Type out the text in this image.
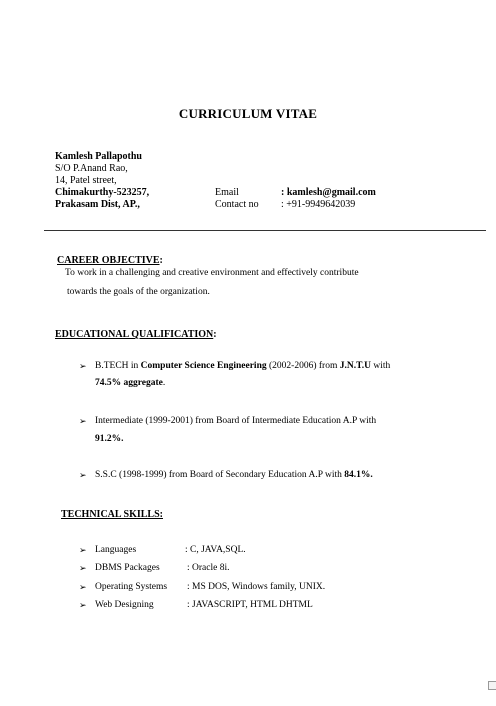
CURRICULUM VITAE
Kamlesh Pallapothu
S/O P.Anand Rao,
14, Patel street,
Chimakurthy-523257,
Prakasam Dist, AP.,
Email	: kamlesh@gmail.com
Contact no : +91-9949642039
CAREER OBJECTIVE:
To work in a challenging and creative environment and effectively contribute
towards the goals of the organization.
EDUCATIONAL QUALIFICATION:
➢ B.TECH in Computer Science Engineering (2002-2006) from J.N.T.U with
74.5% aggregate.
➢ Intermediate (1999-2001) from Board of Intermediate Education A.P with
91.2%.
➢ S.S.C (1998-1999) from Board of Secondary Education A.P with 84.1%.
TECHNICAL SKILLS:
➢ Languages	: C, JAVA,SQL.
➢ DBMS Packages	: Oracle 8i.
➢ Operating Systems : MS DOS, Windows family, UNIX.
➢ Web Designing	: JAVASCRIPT, HTML DHTML
